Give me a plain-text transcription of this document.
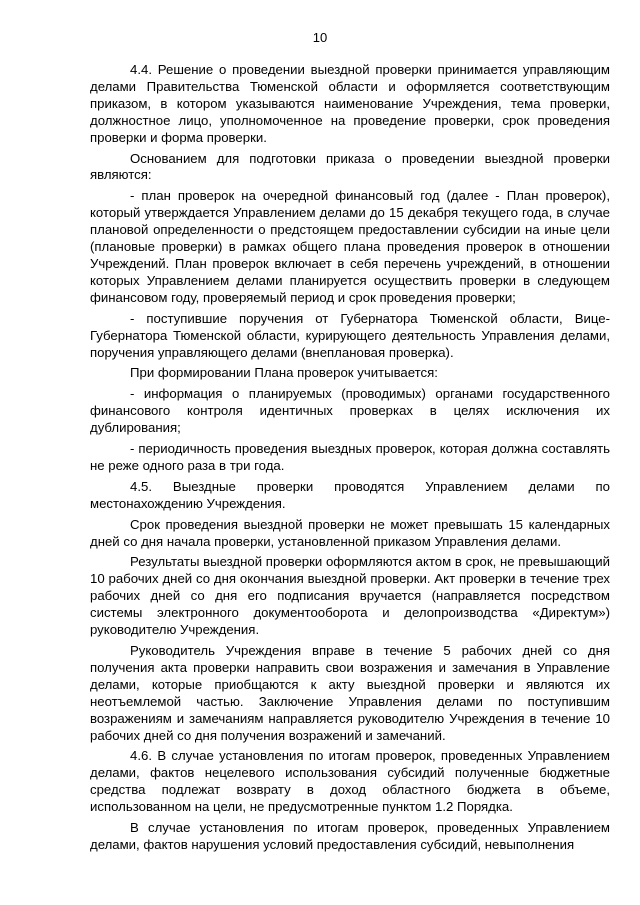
10

4.4. Решение о проведении выездной проверки принимается управляющим делами Правительства Тюменской области и оформляется соответствующим приказом, в котором указываются наименование Учреждения, тема проверки, должностное лицо, уполномоченное на проведение проверки, срок проведения проверки и форма проверки.

Основанием для подготовки приказа о проведении выездной проверки являются:

- план проверок на очередной финансовый год (далее - План проверок), который утверждается Управлением делами до 15 декабря текущего года, в случае плановой определенности о предстоящем предоставлении субсидии на иные цели (плановые проверки) в рамках общего плана проведения проверок в отношении Учреждений. План проверок включает в себя перечень учреждений, в отношении которых Управлением делами планируется осуществить проверки в следующем финансовом году, проверяемый период и срок проведения проверки;

- поступившие поручения от Губернатора Тюменской области, Вице-Губернатора Тюменской области, курирующего деятельность Управления делами, поручения управляющего делами (внеплановая проверка).

При формировании Плана проверок учитывается:

- информация о планируемых (проводимых) органами государственного финансового контроля идентичных проверках в целях исключения их дублирования;

- периодичность проведения выездных проверок, которая должна составлять не реже одного раза в три года.

4.5. Выездные проверки проводятся Управлением делами по местонахождению Учреждения.

Срок проведения выездной проверки не может превышать 15 календарных дней со дня начала проверки, установленной приказом Управления делами.

Результаты выездной проверки оформляются актом в срок, не превышающий 10 рабочих дней со дня окончания выездной проверки. Акт проверки в течение трех рабочих дней со дня его подписания вручается (направляется посредством системы электронного документооборота и делопроизводства «Директум») руководителю Учреждения.

Руководитель Учреждения вправе в течение 5 рабочих дней со дня получения акта проверки направить свои возражения и замечания в Управление делами, которые приобщаются к акту выездной проверки и являются их неотъемлемой частью. Заключение Управления делами по поступившим возражениям и замечаниям направляется руководителю Учреждения в течение 10 рабочих дней со дня получения возражений и замечаний.

4.6. В случае установления по итогам проверок, проведенных Управлением делами, фактов нецелевого использования субсидий полученные бюджетные средства подлежат возврату в доход областного бюджета в объеме, использованном на цели, не предусмотренные пунктом 1.2 Порядка.

В случае установления по итогам проверок, проведенных Управлением делами, фактов нарушения условий предоставления субсидий, невыполнения
